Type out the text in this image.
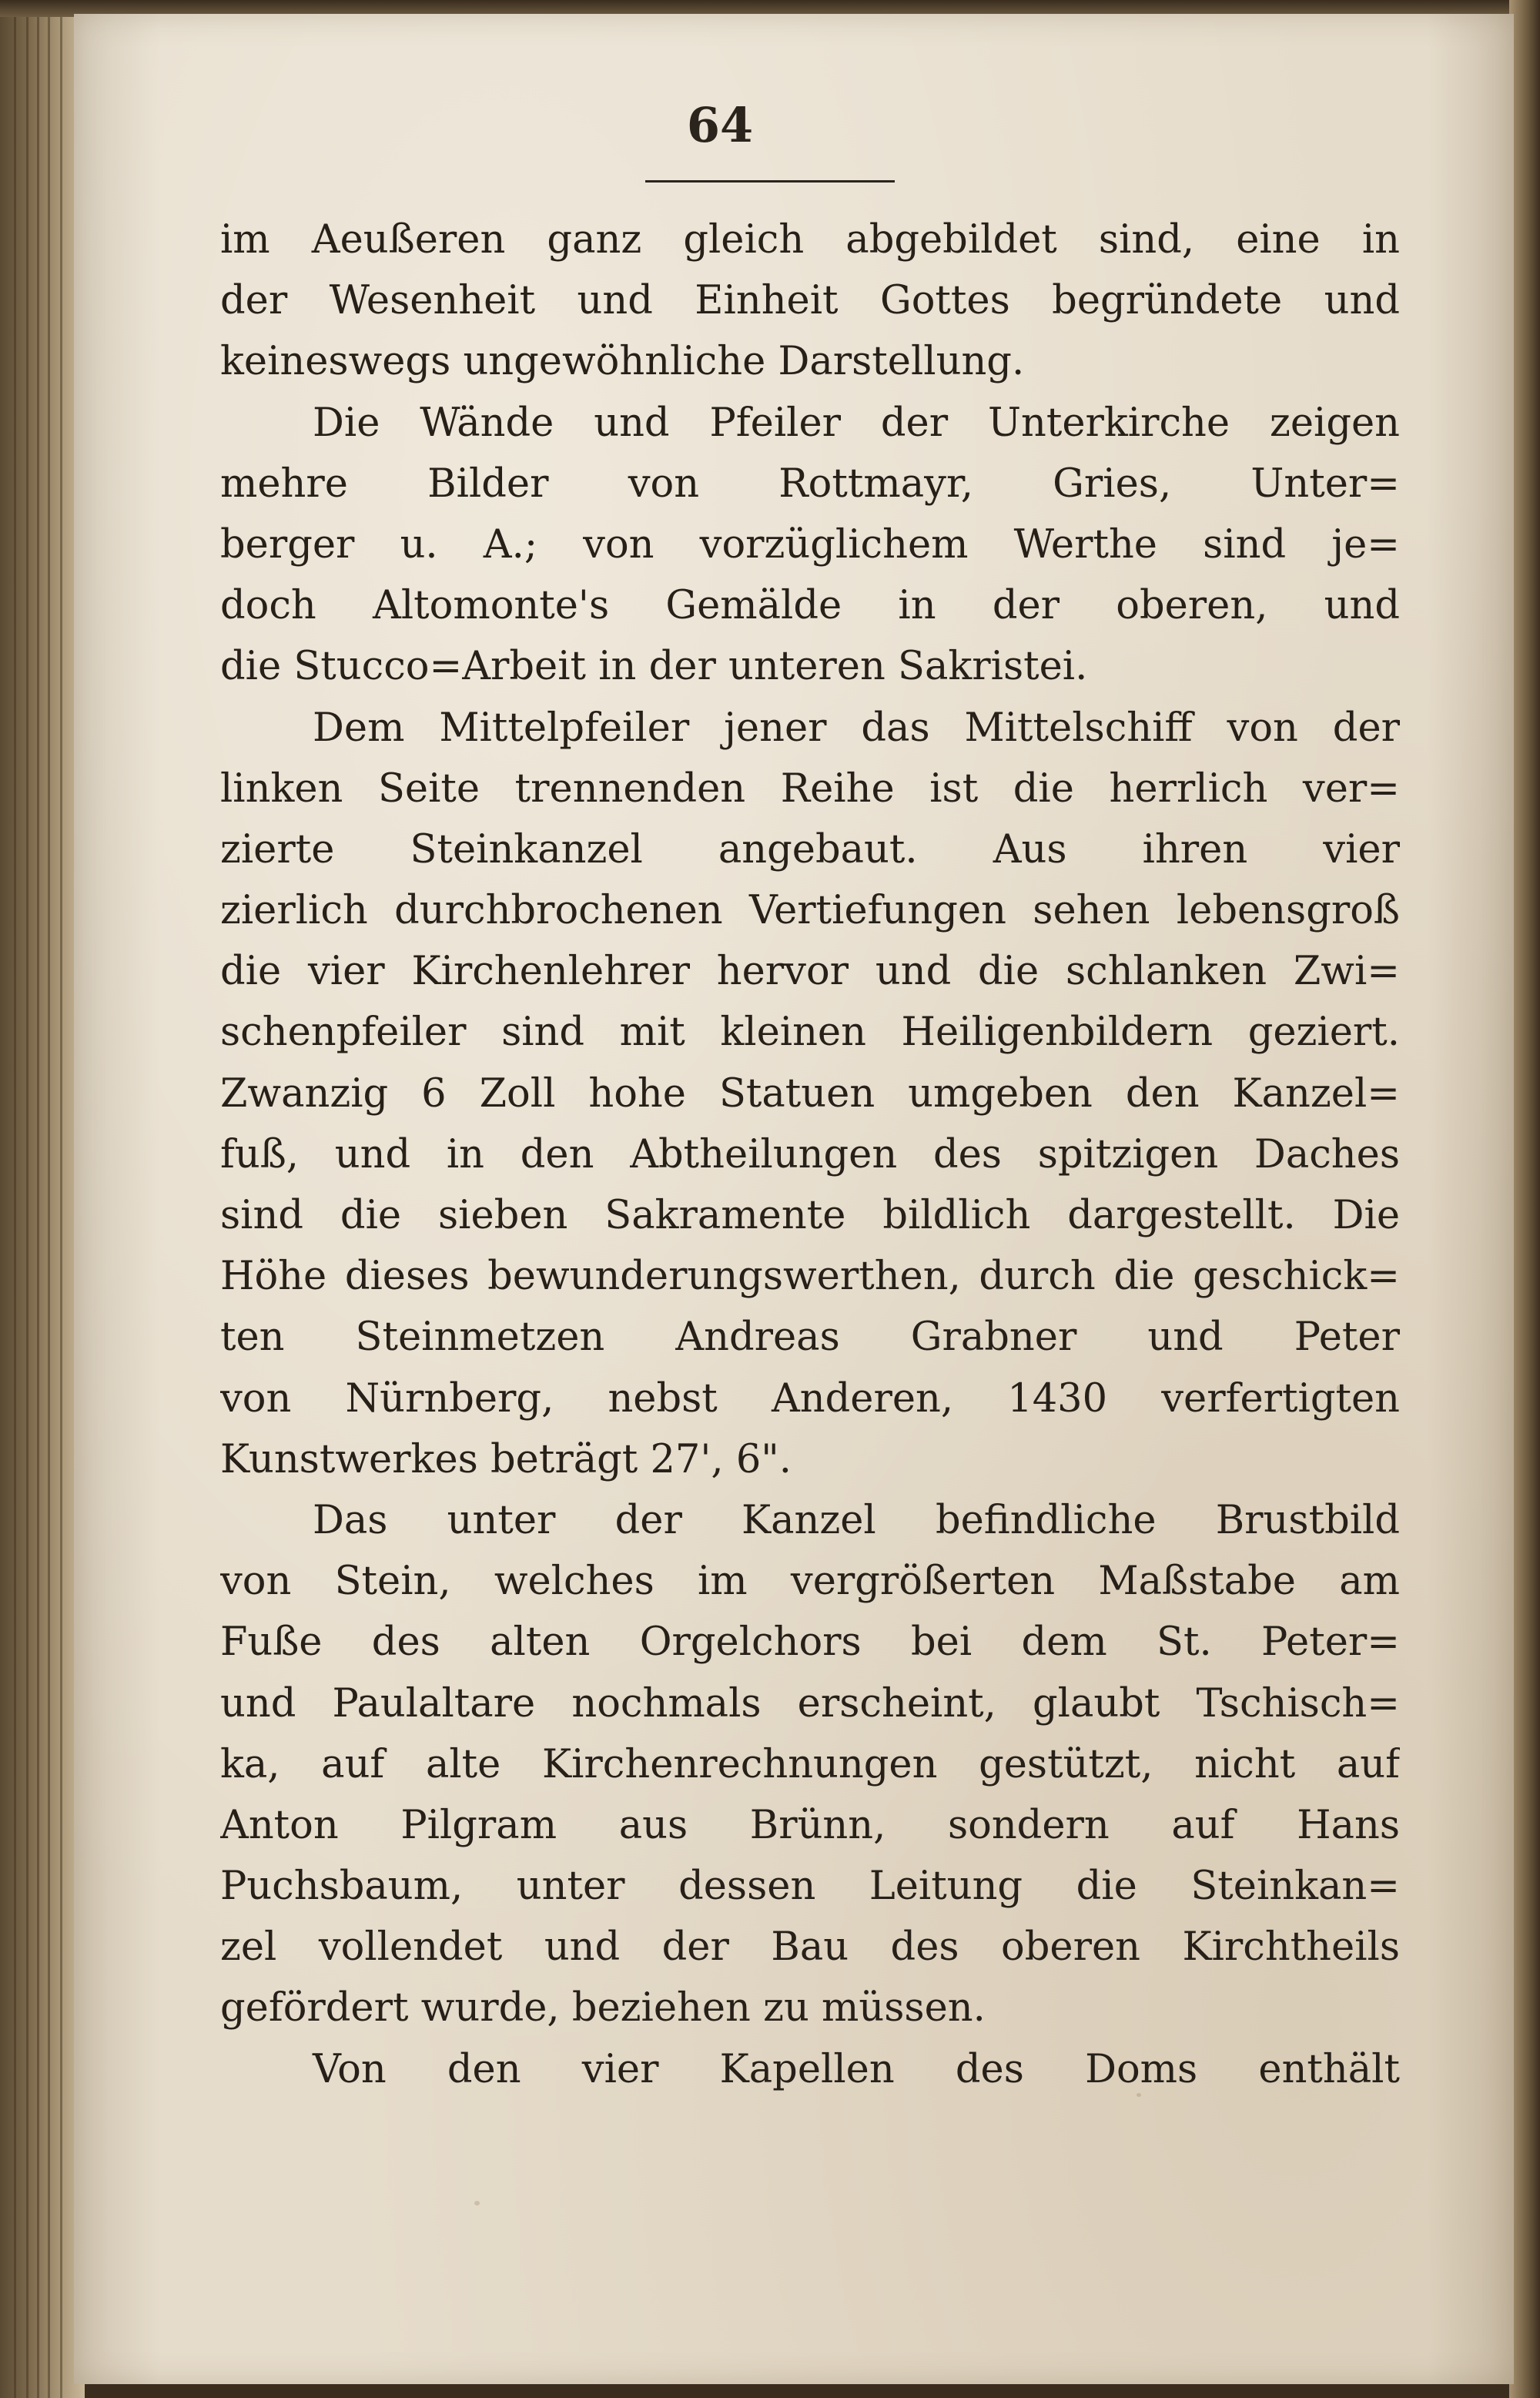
64
im Aeußeren ganz gleich abgebildet sind, eine in
der Wesenheit und Einheit Gottes begründete und
keineswegs ungewöhnliche Darstellung.
Die Wände und Pfeiler der Unterkirche zeigen
mehre Bilder von Rottmayr, Gries, Unter=
berger u. A.; von vorzüglichem Werthe sind je=
doch Altomonte's Gemälde in der oberen, und
die Stucco=Arbeit in der unteren Sakristei.
Dem Mittelpfeiler jener das Mittelschiff von der
linken Seite trennenden Reihe ist die herrlich ver=
zierte Steinkanzel angebaut. Aus ihren vier
zierlich durchbrochenen Vertiefungen sehen lebensgroß
die vier Kirchenlehrer hervor und die schlanken Zwi=
schenpfeiler sind mit kleinen Heiligenbildern geziert.
Zwanzig 6 Zoll hohe Statuen umgeben den Kanzel=
fuß, und in den Abtheilungen des spitzigen Daches
sind die sieben Sakramente bildlich dargestellt. Die
Höhe dieses bewunderungswerthen, durch die geschick=
ten Steinmetzen Andreas Grabner und Peter
von Nürnberg, nebst Anderen, 1430 verfertigten
Kunstwerkes beträgt 27', 6".
Das unter der Kanzel befindliche Brustbild
von Stein, welches im vergrößerten Maßstabe am
Fuße des alten Orgelchors bei dem St. Peter=
und Paulaltare nochmals erscheint, glaubt Tschisch=
ka, auf alte Kirchenrechnungen gestützt, nicht auf
Anton Pilgram aus Brünn, sondern auf Hans
Puchsbaum, unter dessen Leitung die Steinkan=
zel vollendet und der Bau des oberen Kirchtheils
gefördert wurde, beziehen zu müssen.
Von den vier Kapellen des Doms enthält
